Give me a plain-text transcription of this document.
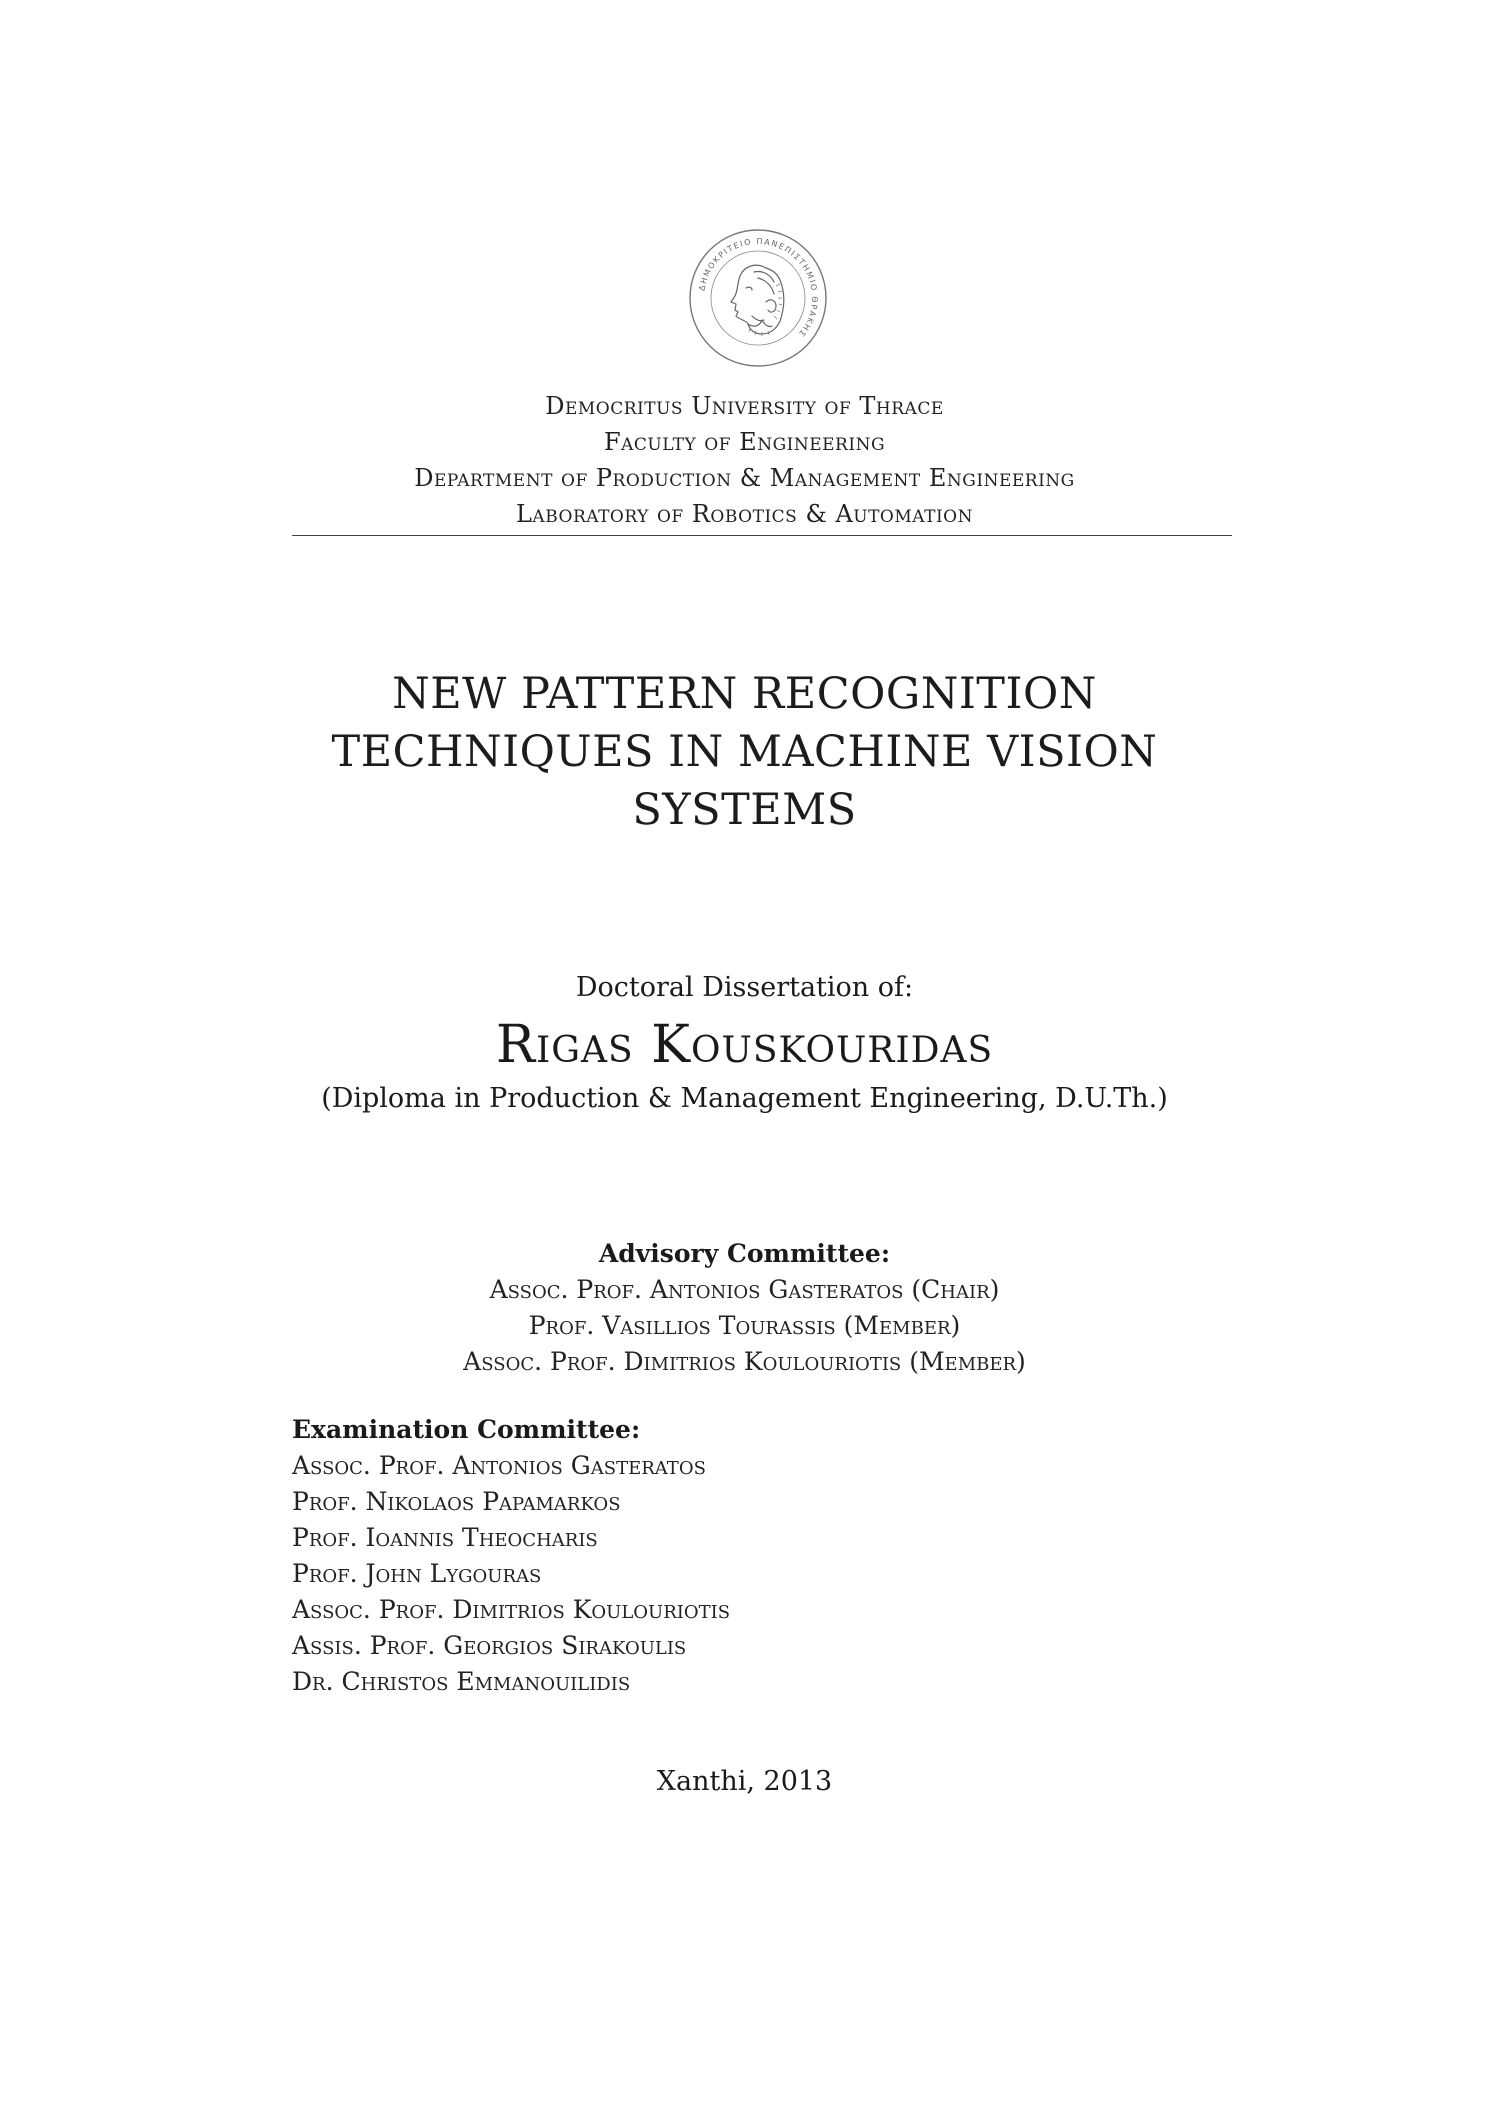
ΔΗΜΟΚΡΙΤΕΙΟ ΠΑΝΕΠΙΣΤΗΜΙΟ ΘΡΑΚΗΣ
Democritus University of Thrace
Faculty of Engineering
Department of Production & Management Engineering
Laboratory of Robotics & Automation
NEW PATTERN RECOGNITION
TECHNIQUES IN MACHINE VISION
SYSTEMS
Doctoral Dissertation of:
Rigas Kouskouridas
(Diploma in Production & Management Engineering, D.U.Th.)
Advisory Committee:
Assoc. Prof. Antonios Gasteratos (Chair)
Prof. Vasillios Tourassis (Member)
Assoc. Prof. Dimitrios Koulouriotis (Member)
Examination Committee:
Assoc. Prof. Antonios Gasteratos
Prof. Nikolaos Papamarkos
Prof. Ioannis Theocharis
Prof. John Lygouras
Assoc. Prof. Dimitrios Koulouriotis
Assis. Prof. Georgios Sirakoulis
Dr. Christos Emmanouilidis
Xanthi, 2013
